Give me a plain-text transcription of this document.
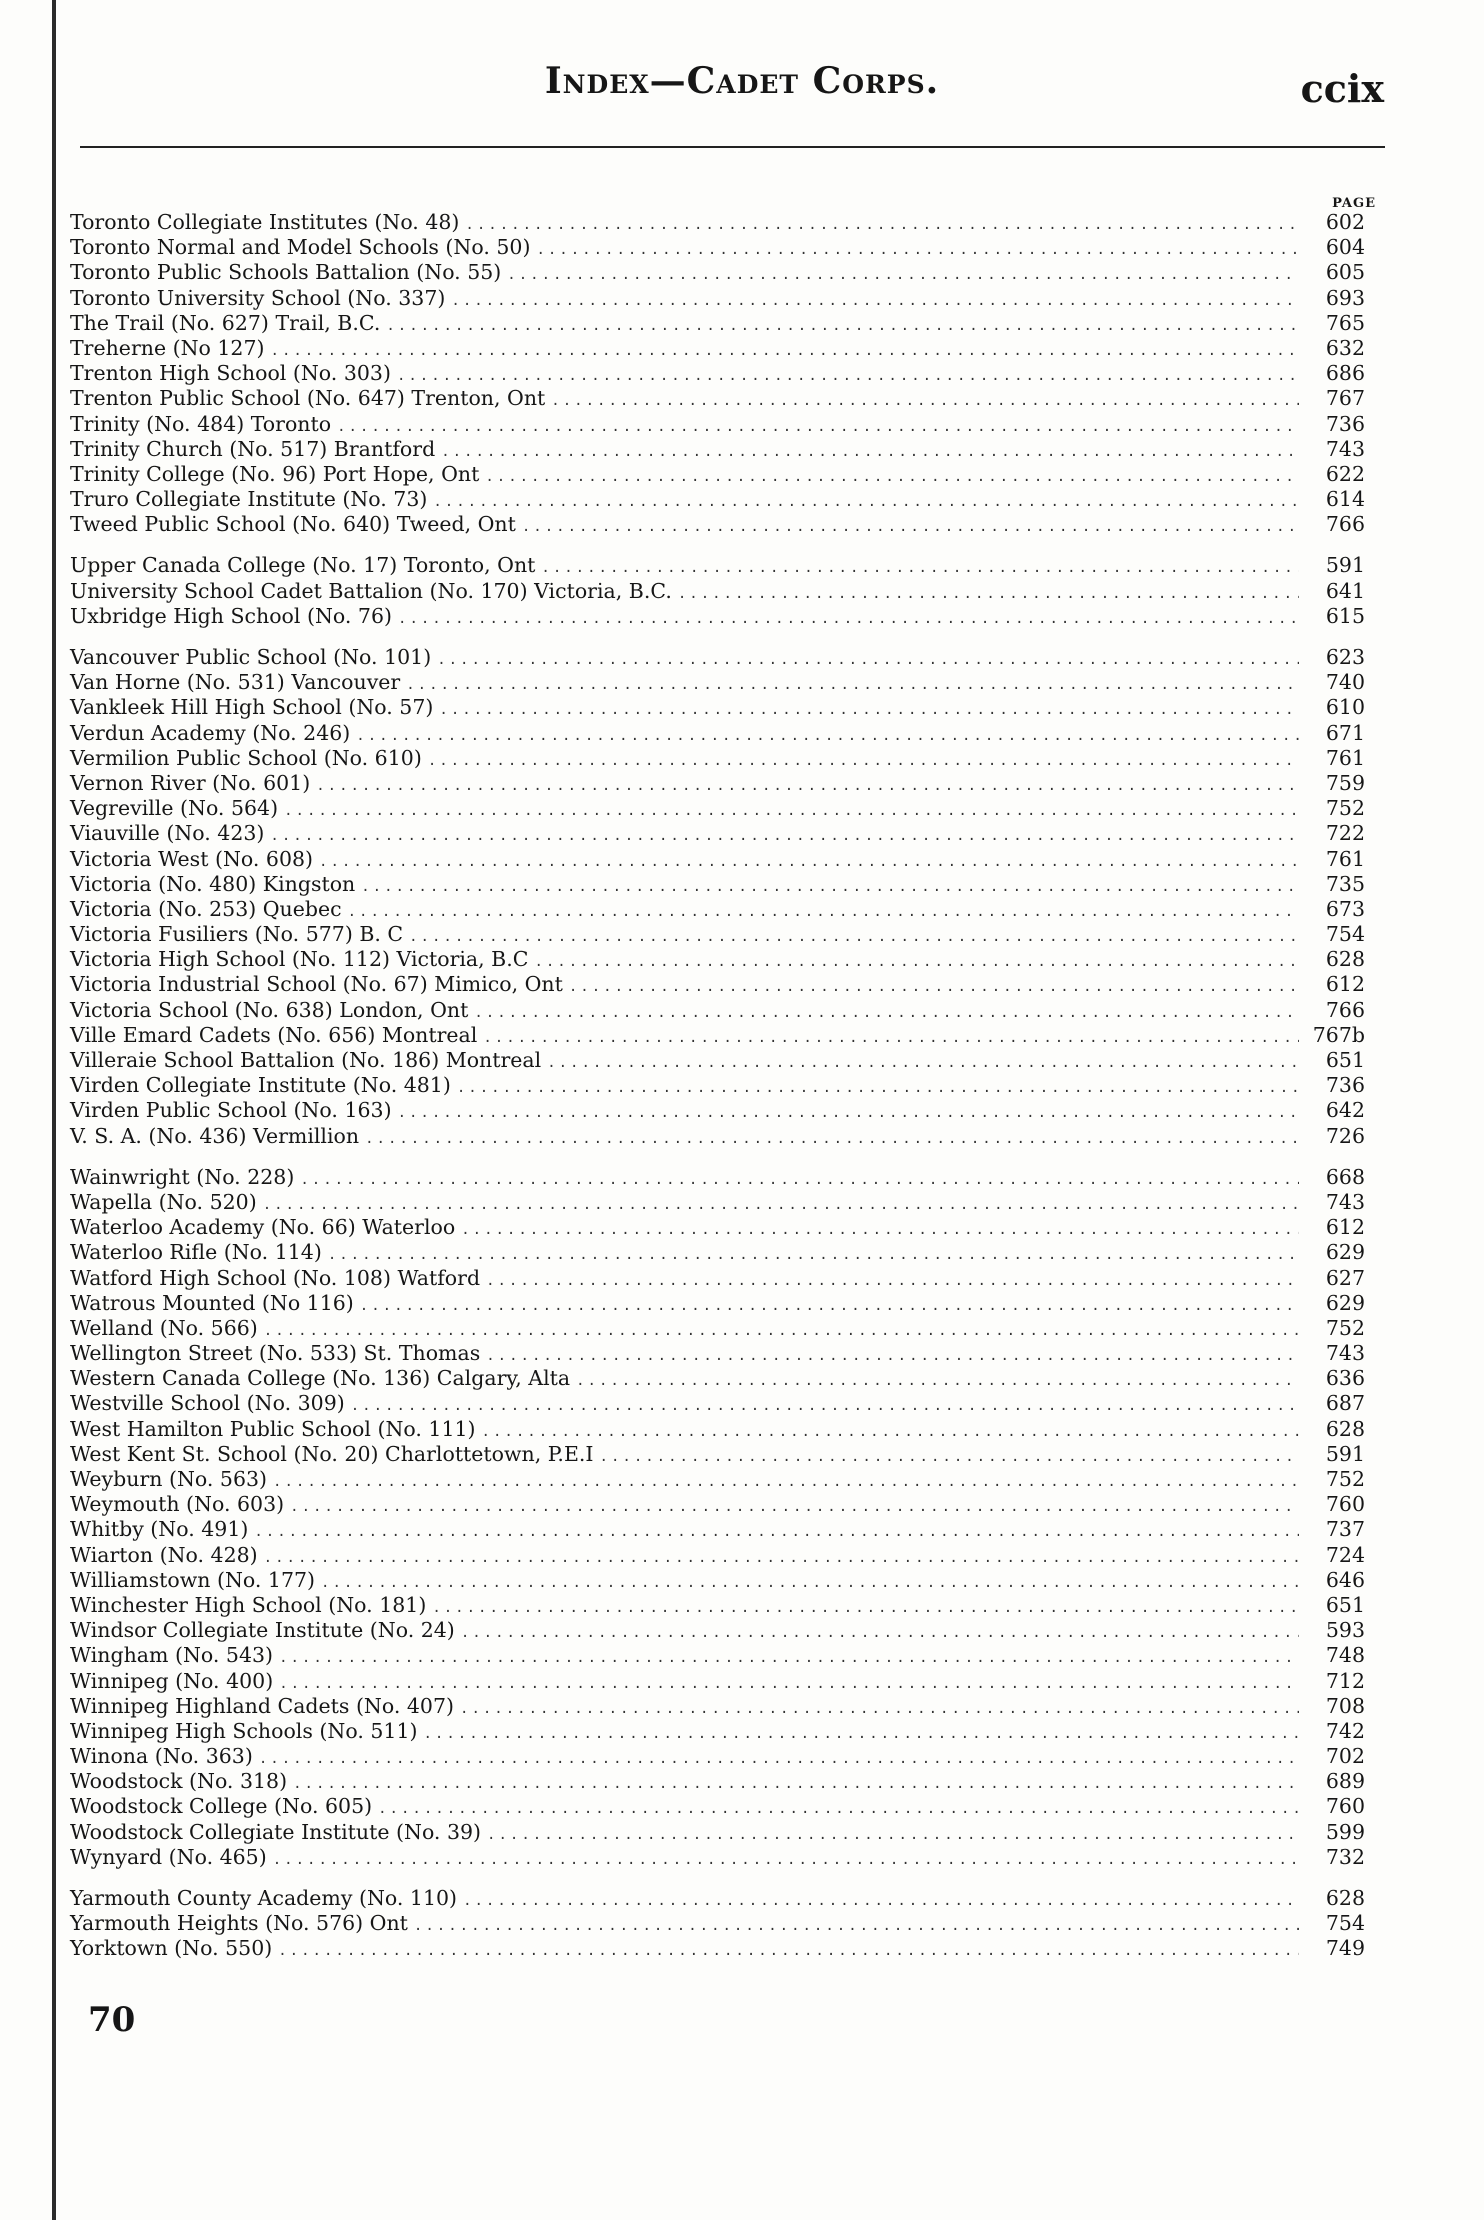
Index—Cadet Corps.	ccix
PAGE
Toronto Collegiate Institutes (No. 48) .....	602
Toronto Normal and Model Schools (No. 50) .....	604
Toronto Public Schools Battalion (No. 55) .....	605
Toronto University School (No. 337) .....	693
The Trail (No. 627) Trail, B.C. .....	765
Treherne (No 127) .....	632
Trenton High School (No. 303) .....	686
Trenton Public School (No. 647) Trenton, Ont .....	767
Trinity (No. 484) Toronto .....	736
Trinity Church (No. 517) Brantford .....	743
Trinity College (No. 96) Port Hope, Ont .....	622
Truro Collegiate Institute (No. 73) .....	614
Tweed Public School (No. 640) Tweed, Ont .....	766
Upper Canada College (No. 17) Toronto, Ont .....	591
University School Cadet Battalion (No. 170) Victoria, B.C. .....	641
Uxbridge High School (No. 76) .....	615
Vancouver Public School (No. 101) .....	623
Van Horne (No. 531) Vancouver .....	740
Vankleek Hill High School (No. 57) .....	610
Verdun Academy (No. 246) .....	671
Vermilion Public School (No. 610) .....	761
Vernon River (No. 601) .....	759
Vegreville (No. 564) .....	752
Viauville (No. 423) .....	722
Victoria West (No. 608) .....	761
Victoria (No. 480) Kingston .....	735
Victoria (No. 253) Quebec .....	673
Victoria Fusiliers (No. 577) B. C .....	754
Victoria High School (No. 112) Victoria, B.C .....	628
Victoria Industrial School (No. 67) Mimico, Ont .....	612
Victoria School (No. 638) London, Ont .....	766
Ville Emard Cadets (No. 656) Montreal .....	767b
Villeraie School Battalion (No. 186) Montreal .....	651
Virden Collegiate Institute (No. 481) .....	736
Virden Public School (No. 163) .....	642
V. S. A. (No. 436) Vermillion .....	726
Wainwright (No. 228) .....	668
Wapella (No. 520) .....	743
Waterloo Academy (No. 66) Waterloo .....	612
Waterloo Rifle (No. 114) .....	629
Watford High School (No. 108) Watford .....	627
Watrous Mounted (No 116) .....	629
Welland (No. 566) .....	752
Wellington Street (No. 533) St. Thomas .....	743
Western Canada College (No. 136) Calgary, Alta .....	636
Westville School (No. 309) .....	687
West Hamilton Public School (No. 111) .....	628
West Kent St. School (No. 20) Charlottetown, P.E.I .....	591
Weyburn (No. 563) .....	752
Weymouth (No. 603) .....	760
Whitby (No. 491) .....	737
Wiarton (No. 428) .....	724
Williamstown (No. 177) .....	646
Winchester High School (No. 181) .....	651
Windsor Collegiate Institute (No. 24) .....	593
Wingham (No. 543) .....	748
Winnipeg (No. 400) .....	712
Winnipeg Highland Cadets (No. 407) .....	708
Winnipeg High Schools (No. 511) .....	742
Winona (No. 363) .....	702
Woodstock (No. 318) .....	689
Woodstock College (No. 605) .....	760
Woodstock Collegiate Institute (No. 39) .....	599
Wynyard (No. 465) .....	732
Yarmouth County Academy (No. 110) .....	628
Yarmouth Heights (No. 576) Ont .....	754
Yorktown (No. 550) .....	749
70
